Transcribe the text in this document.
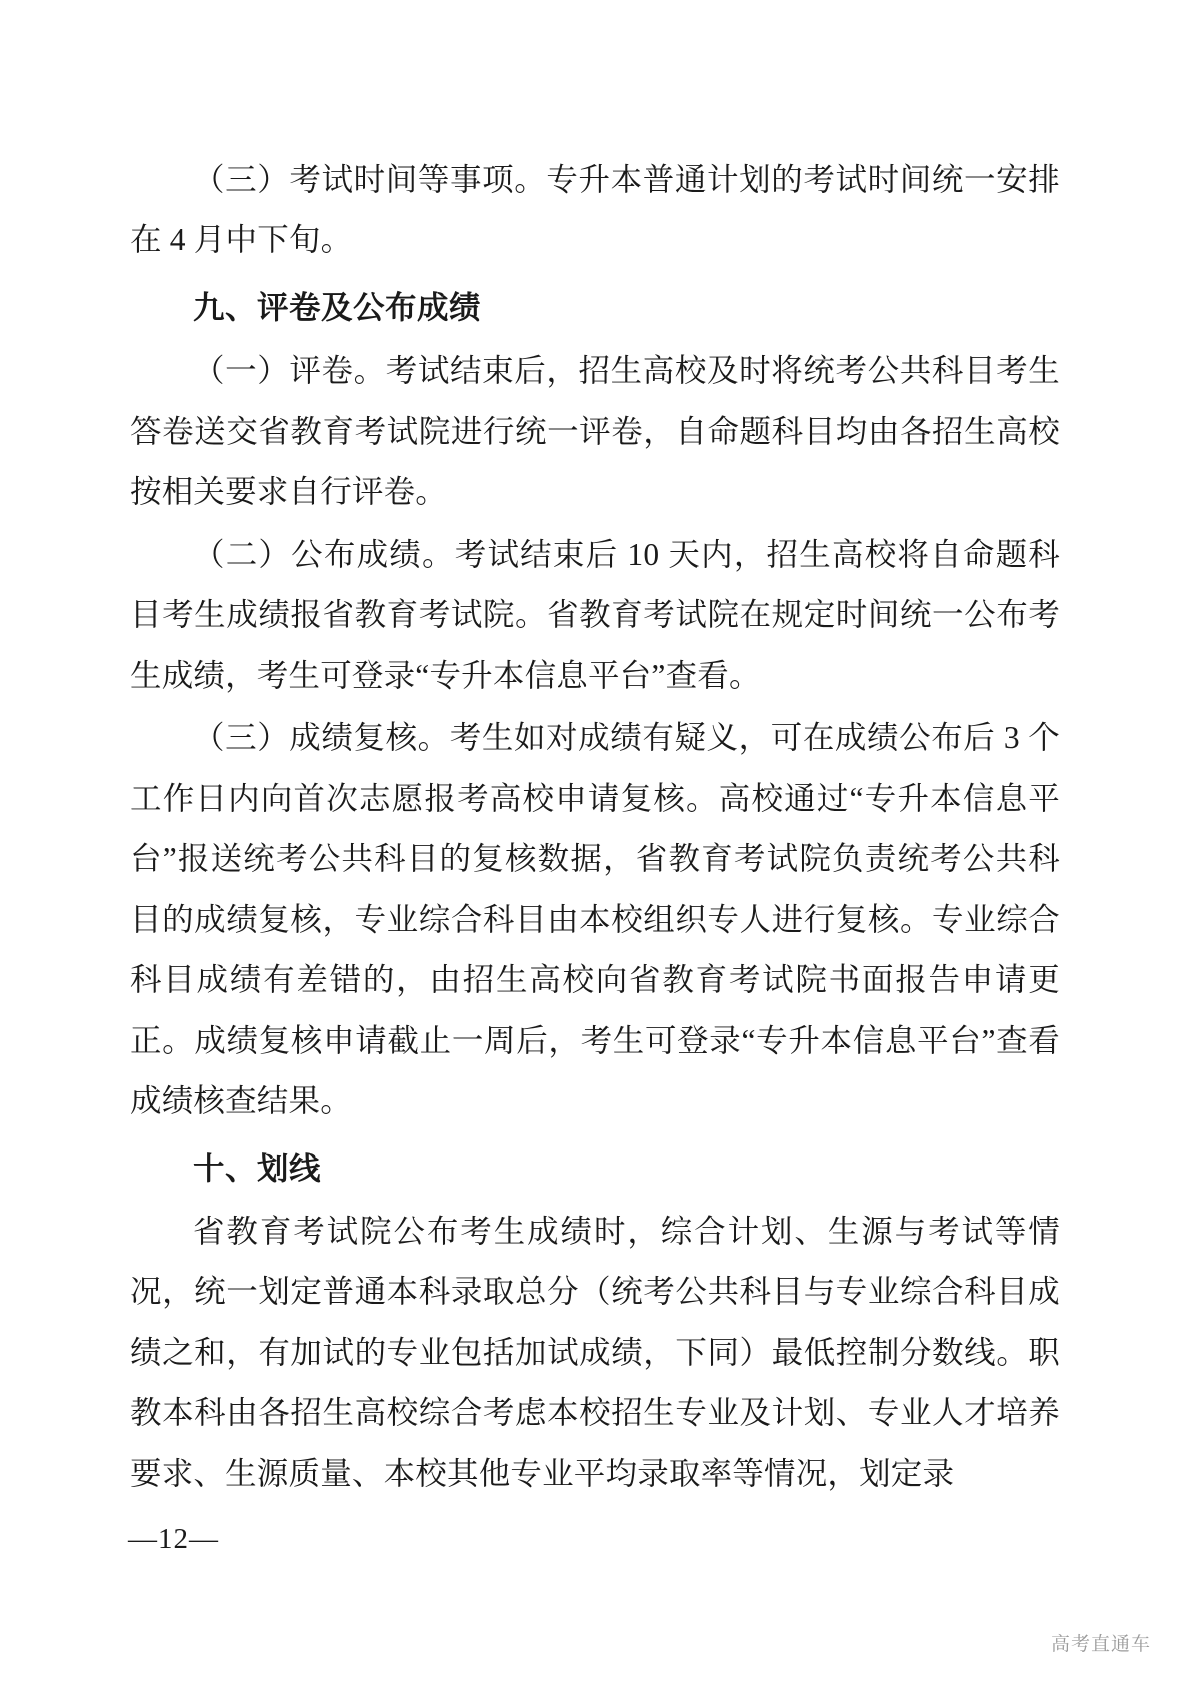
（三）考试时间等事项。专升本普通计划的考试时间统一安排在 4 月中下旬。

九、评卷及公布成绩

（一）评卷。考试结束后，招生高校及时将统考公共科目考生答卷送交省教育考试院进行统一评卷，自命题科目均由各招生高校按相关要求自行评卷。

（二）公布成绩。考试结束后 10 天内，招生高校将自命题科目考生成绩报省教育考试院。省教育考试院在规定时间统一公布考生成绩，考生可登录“专升本信息平台”查看。

（三）成绩复核。考生如对成绩有疑义，可在成绩公布后 3 个工作日内向首次志愿报考高校申请复核。高校通过“专升本信息平台”报送统考公共科目的复核数据，省教育考试院负责统考公共科目的成绩复核，专业综合科目由本校组织专人进行复核。专业综合科目成绩有差错的，由招生高校向省教育考试院书面报告申请更正。成绩复核申请截止一周后，考生可登录“专升本信息平台”查看成绩核查结果。

十、划线

省教育考试院公布考生成绩时，综合计划、生源与考试等情况，统一划定普通本科录取总分（统考公共科目与专业综合科目成绩之和，有加试的专业包括加试成绩，下同）最低控制分数线。职教本科由各招生高校综合考虑本校招生专业及计划、专业人才培养要求、生源质量、本校其他专业平均录取率等情况，划定录

—12—
高考直通车
